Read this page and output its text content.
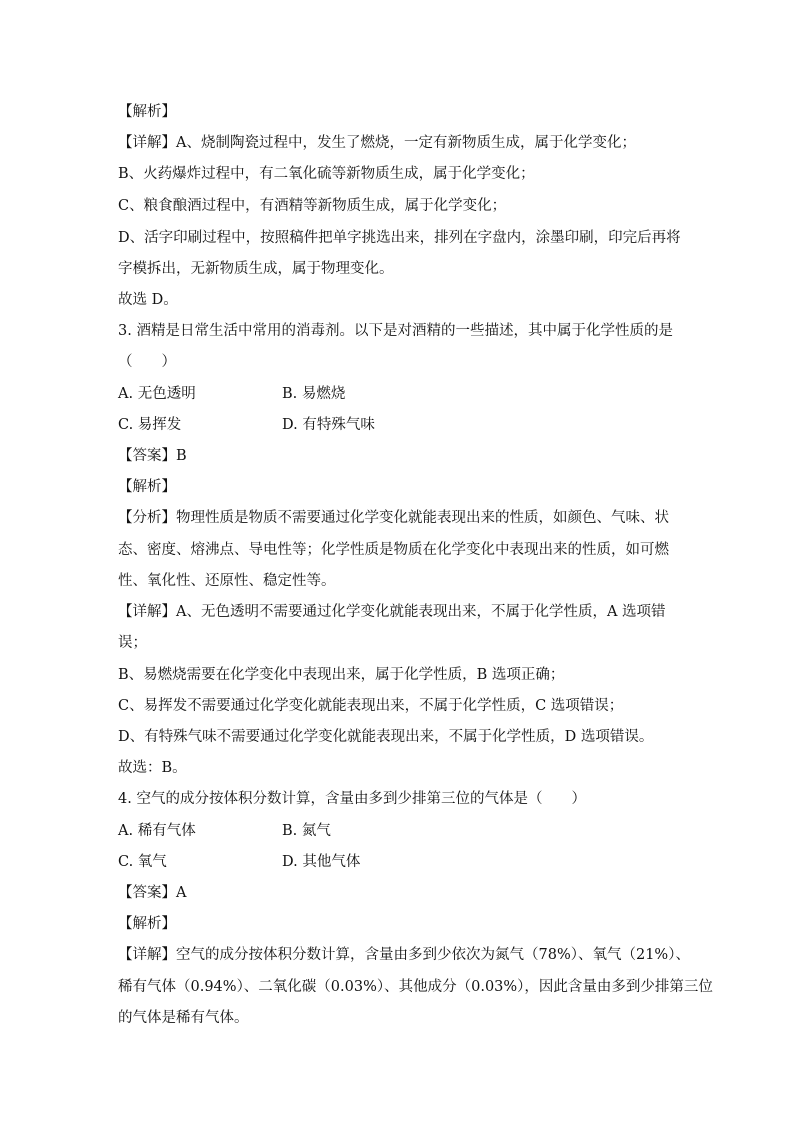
【解析】
【详解】A、烧制陶瓷过程中，发生了燃烧，一定有新物质生成，属于化学变化；
B、火药爆炸过程中，有二氧化硫等新物质生成，属于化学变化；
C、粮食酿酒过程中，有酒精等新物质生成，属于化学变化；
D、活字印刷过程中，按照稿件把单字挑选出来，排列在字盘内，涂墨印刷，印完后再将
字模拆出，无新物质生成，属于物理变化。
故选 D。
3. 酒精是日常生活中常用的消毒剂。以下是对酒精的一些描述，其中属于化学性质的是
（　　）
A. 无色透明	B. 易燃烧
C. 易挥发	D. 有特殊气味
【答案】B
【解析】
【分析】物理性质是物质不需要通过化学变化就能表现出来的性质，如颜色、气味、状
态、密度、熔沸点、导电性等；化学性质是物质在化学变化中表现出来的性质，如可燃
性、氧化性、还原性、稳定性等。
【详解】A、无色透明不需要通过化学变化就能表现出来，不属于化学性质，A 选项错
误；
B、易燃烧需要在化学变化中表现出来，属于化学性质，B 选项正确；
C、易挥发不需要通过化学变化就能表现出来，不属于化学性质，C 选项错误；
D、有特殊气味不需要通过化学变化就能表现出来，不属于化学性质，D 选项错误。
故选：B。
4. 空气的成分按体积分数计算，含量由多到少排第三位的气体是（　　）
A. 稀有气体	B. 氮气
C. 氧气	D. 其他气体
【答案】A
【解析】
【详解】空气的成分按体积分数计算，含量由多到少依次为氮气（78%）、氧气（21%）、
稀有气体（0.94%）、二氧化碳（0.03%）、其他成分（0.03%），因此含量由多到少排第三位
的气体是稀有气体。
